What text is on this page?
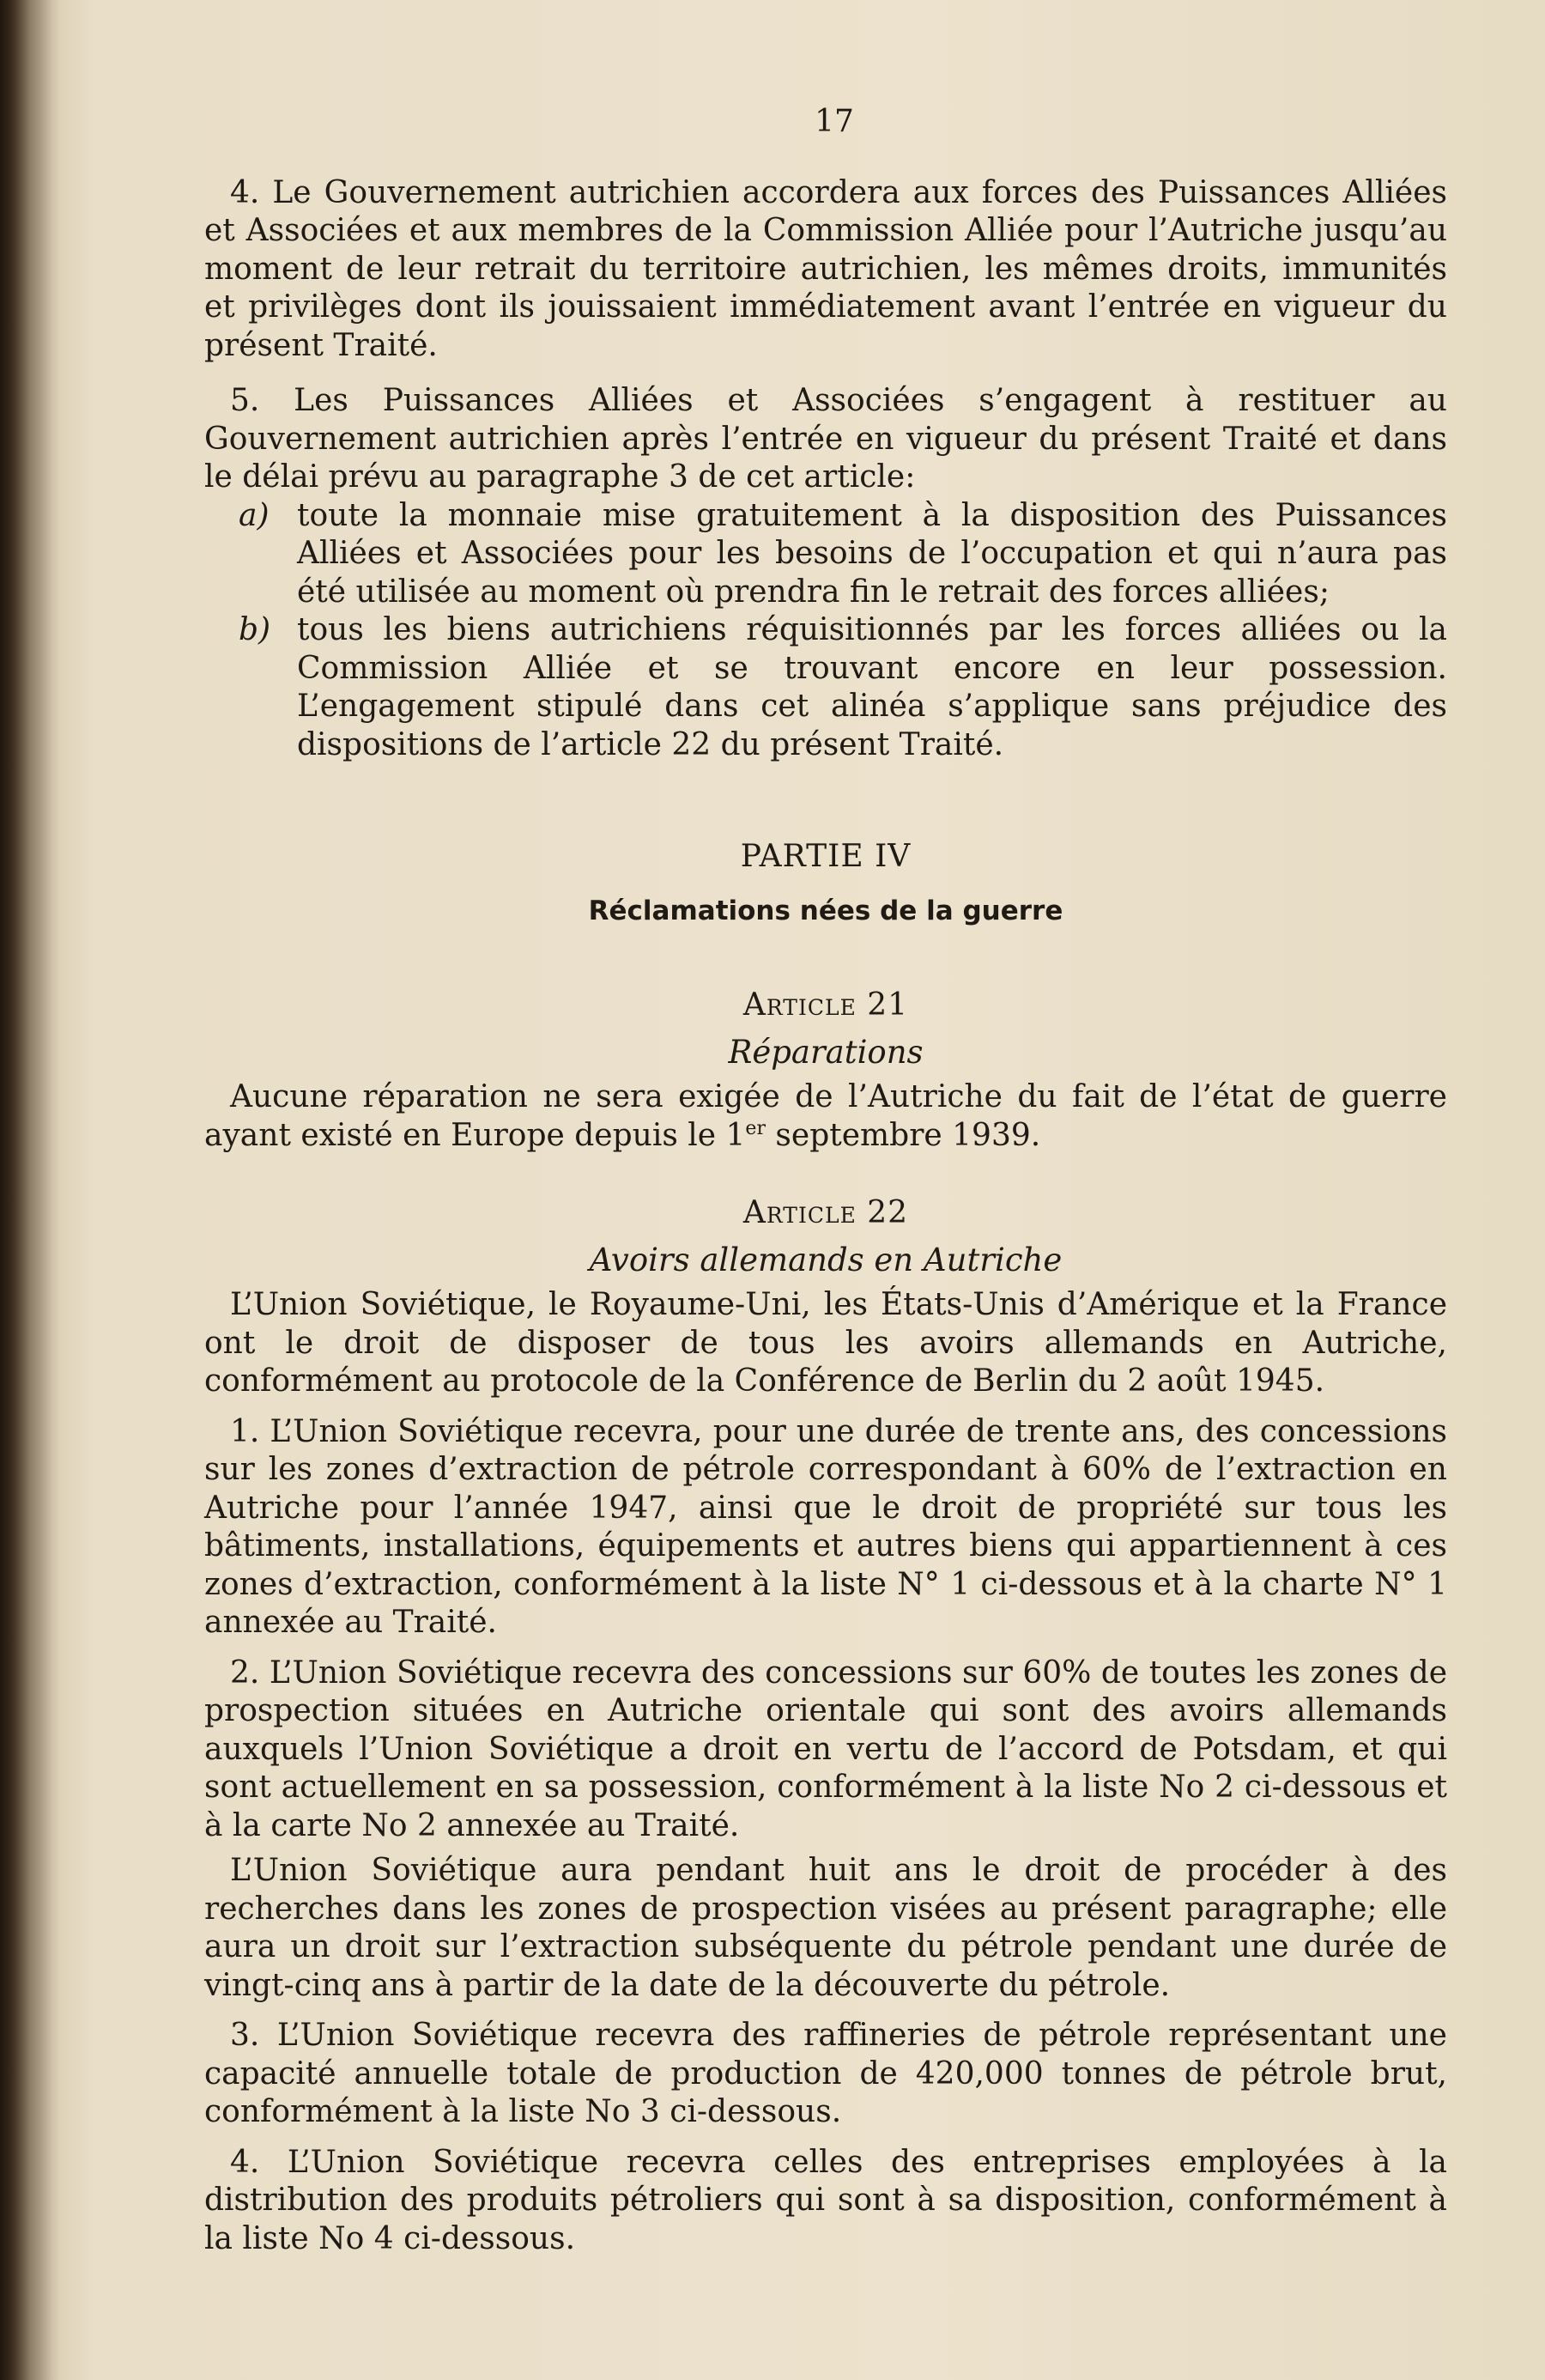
17

4. Le Gouvernement autrichien accordera aux forces des Puissances Alliées et Associées et aux membres de la Commission Alliée pour l’Autriche jusqu’au moment de leur retrait du territoire autrichien, les mêmes droits, immunités et privilèges dont ils jouissaient immédiatement avant l’entrée en vigueur du présent Traité.

5. Les Puissances Alliées et Associées s’engagent à restituer au Gouvernement autrichien après l’entrée en vigueur du présent Traité et dans le délai prévu au paragraphe 3 de cet article:

a) toute la monnaie mise gratuitement à la disposition des Puissances Alliées et Associées pour les besoins de l’occupation et qui n’aura pas été utilisée au moment où prendra fin le retrait des forces alliées;
b) tous les biens autrichiens réquisitionnés par les forces alliées ou la Commission Alliée et se trouvant encore en leur possession. L’engagement stipulé dans cet alinéa s’applique sans préjudice des dispositions de l’article 22 du présent Traité.
PARTIE IV
Réclamations nées de la guerre
Article 21
Réparations

Aucune réparation ne sera exigée de l’Autriche du fait de l’état de guerre ayant existé en Europe depuis le 1er septembre 1939.

Article 22
Avoirs allemands en Autriche

L’Union Soviétique, le Royaume-Uni, les États-Unis d’Amérique et la France ont le droit de disposer de tous les avoirs allemands en Autriche, conformément au protocole de la Conférence de Berlin du 2 août 1945.

1. L’Union Soviétique recevra, pour une durée de trente ans, des concessions sur les zones d’extraction de pétrole correspondant à 60% de l’extraction en Autriche pour l’année 1947, ainsi que le droit de propriété sur tous les bâtiments, installations, équipements et autres biens qui appartiennent à ces zones d’extraction, conformément à la liste N° 1 ci-dessous et à la charte N° 1 annexée au Traité.

2. L’Union Soviétique recevra des concessions sur 60% de toutes les zones de prospection situées en Autriche orientale qui sont des avoirs allemands auxquels l’Union Soviétique a droit en vertu de l’accord de Potsdam, et qui sont actuellement en sa possession, conformément à la liste No 2 ci-dessous et à la carte No 2 annexée au Traité.

L’Union Soviétique aura pendant huit ans le droit de procéder à des recherches dans les zones de prospection visées au présent paragraphe; elle aura un droit sur l’extraction subséquente du pétrole pendant une durée de vingt-cinq ans à partir de la date de la découverte du pétrole.

3. L’Union Soviétique recevra des raffineries de pétrole représentant une capacité annuelle totale de production de 420,000 tonnes de pétrole brut, conformément à la liste No 3 ci-dessous.

4. L’Union Soviétique recevra celles des entreprises employées à la distribution des produits pétroliers qui sont à sa disposition, conformément à la liste No 4 ci-dessous.
